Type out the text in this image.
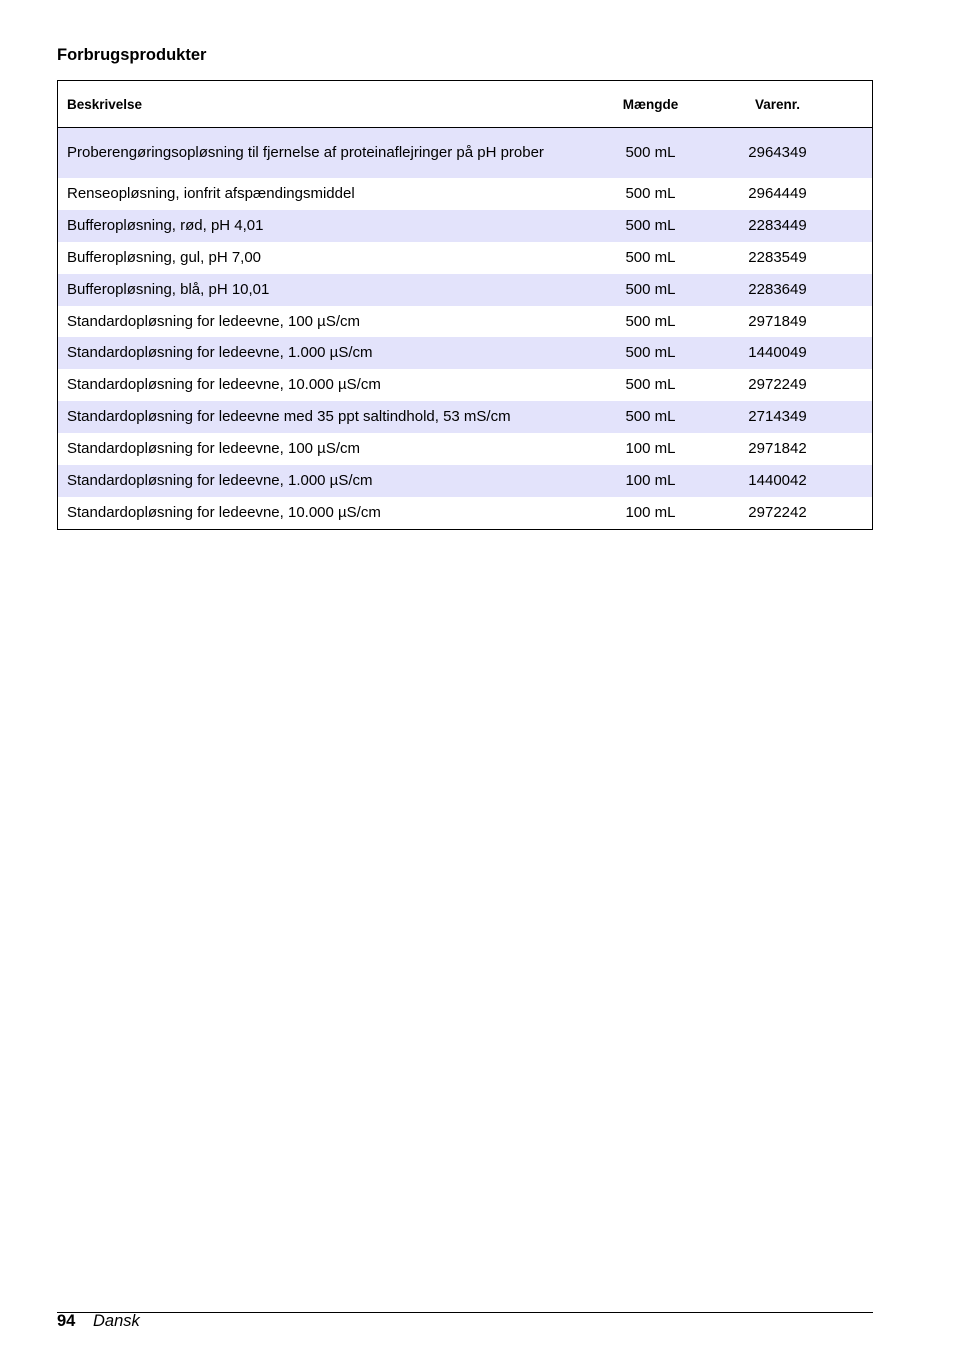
Forbrugsprodukter
Beskrivelse	Mængde	Varenr.
Proberengøringsopløsning til fjernelse af proteinaflejringer på pH prober	500 mL	2964349
Renseopløsning, ionfrit afspændingsmiddel	500 mL	2964449
Bufferopløsning, rød, pH 4,01	500 mL	2283449
Bufferopløsning, gul, pH 7,00	500 mL	2283549
Bufferopløsning, blå, pH 10,01	500 mL	2283649
Standardopløsning for ledeevne, 100 µS/cm	500 mL	2971849
Standardopløsning for ledeevne, 1.000 µS/cm	500 mL	1440049
Standardopløsning for ledeevne, 10.000 µS/cm	500 mL	2972249
Standardopløsning for ledeevne med 35 ppt saltindhold, 53 mS/cm	500 mL	2714349
Standardopløsning for ledeevne, 100 µS/cm	100 mL	2971842
Standardopløsning for ledeevne, 1.000 µS/cm	100 mL	1440042
Standardopløsning for ledeevne, 10.000 µS/cm	100 mL	2972242
94 Dansk
